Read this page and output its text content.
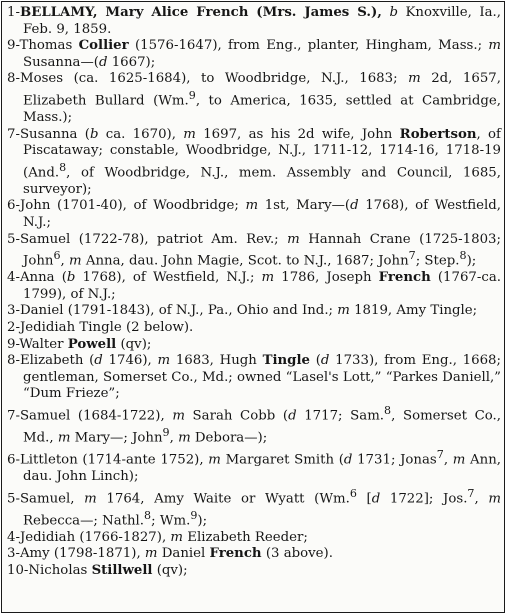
1-BELLAMY, Mary Alice French (Mrs. James S.), b Knoxville, Ia., Feb. 9, 1859.
9-Thomas Collier (1576-1647), from Eng., planter, Hingham, Mass.; m Susanna—(d 1667);
8-Moses (ca. 1625-1684), to Woodbridge, N.J., 1683; m 2d, 1657, Elizabeth Bullard (Wm.$^9$, to America, 1635, settled at Cambridge, Mass.);
7-Susanna (b ca. 1670), m 1697, as his 2d wife, John Robertson, of Piscataway; constable, Woodbridge, N.J., 1711-12, 1714-16, 1718-19 (And.$^8$, of Woodbridge, N.J., mem. Assembly and Council, 1685, surveyor);
6-John (1701-40), of Woodbridge; m 1st, Mary—(d 1768), of Westfield, N.J.;
5-Samuel (1722-78), patriot Am. Rev.; m Hannah Crane (1725-1803; John$^6$, m Anna, dau. John Magie, Scot. to N.J., 1687; John$^7$; Step.$^8$);
4-Anna (b 1768), of Westfield, N.J.; m 1786, Joseph French (1767-ca. 1799), of N.J.;
3-Daniel (1791-1843), of N.J., Pa., Ohio and Ind.; m 1819, Amy Tingle;
2-Jedidiah Tingle (2 below).
9-Walter Powell (qv);
8-Elizabeth (d 1746), m 1683, Hugh Tingle (d 1733), from Eng., 1668; gentleman, Somerset Co., Md.; owned “Lasel's Lott,” “Parkes Daniell,” “Dum Frieze”;
7-Samuel (1684-1722), m Sarah Cobb (d 1717; Sam.$^8$, Somerset Co., Md., m Mary—; John$^9$, m Debora—);
6-Littleton (1714-ante 1752), m Margaret Smith (d 1731; Jonas$^7$, m Ann, dau. John Linch);
5-Samuel, m 1764, Amy Waite or Wyatt (Wm.$^6$ [d 1722]; Jos.$^7$, m Rebecca—; Nathl.$^8$; Wm.$^9$);
4-Jedidiah (1766-1827), m Elizabeth Reeder;
3-Amy (1798-1871), m Daniel French (3 above).
10-Nicholas Stillwell (qv);
